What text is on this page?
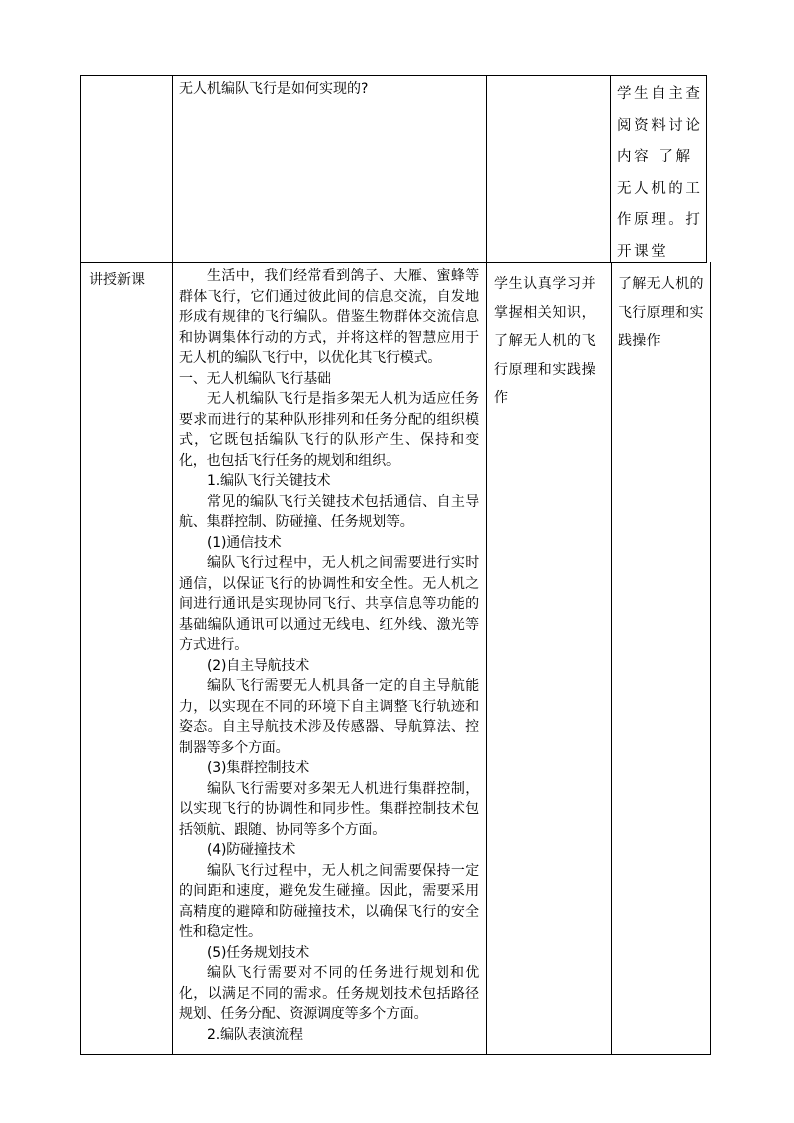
无人机编队飞行是如何实现的?	学生自主查阅资料讨论内容 了解无人机的工作原理。打开课堂
讲授新课	生活中，我们经常看到鸽子、大雁、蜜蜂等群体飞行，它们通过彼此间的信息交流，自发地形成有规律的飞行编队。借鉴生物群体交流信息和协调集体行动的方式，并将这样的智慧应用于无人机的编队飞行中，以优化其飞行模式。

一、无人机编队飞行基础

无人机编队飞行是指多架无人机为适应任务要求而进行的某种队形排列和任务分配的组织模式，它既包括编队飞行的队形产生、保持和变化，也包括飞行任务的规划和组织。

1.编队飞行关键技术

常见的编队飞行关键技术包括通信、自主导航、集群控制、防碰撞、任务规划等。

(1)通信技术

编队飞行过程中，无人机之间需要进行实时通信，以保证飞行的协调性和安全性。无人机之间进行通讯是实现协同飞行、共享信息等功能的基础编队通讯可以通过无线电、红外线、激光等方式进行。

(2)自主导航技术

编队飞行需要无人机具备一定的自主导航能力，以实现在不同的环境下自主调整飞行轨迹和姿态。自主导航技术涉及传感器、导航算法、控制器等多个方面。

(3)集群控制技术

编队飞行需要对多架无人机进行集群控制，以实现飞行的协调性和同步性。集群控制技术包括领航、跟随、协同等多个方面。

(4)防碰撞技术

编队飞行过程中，无人机之间需要保持一定的间距和速度，避免发生碰撞。因此，需要采用高精度的避障和防碰撞技术，以确保飞行的安全性和稳定性。

(5)任务规划技术

编队飞行需要对不同的任务进行规划和优化，以满足不同的需求。任务规划技术包括路径规划、任务分配、资源调度等多个方面。

2.编队表演流程

学生认真学习并掌握相关知识，了解无人机的飞行原理和实践操作
了解无人机的飞行原理和实践操作
